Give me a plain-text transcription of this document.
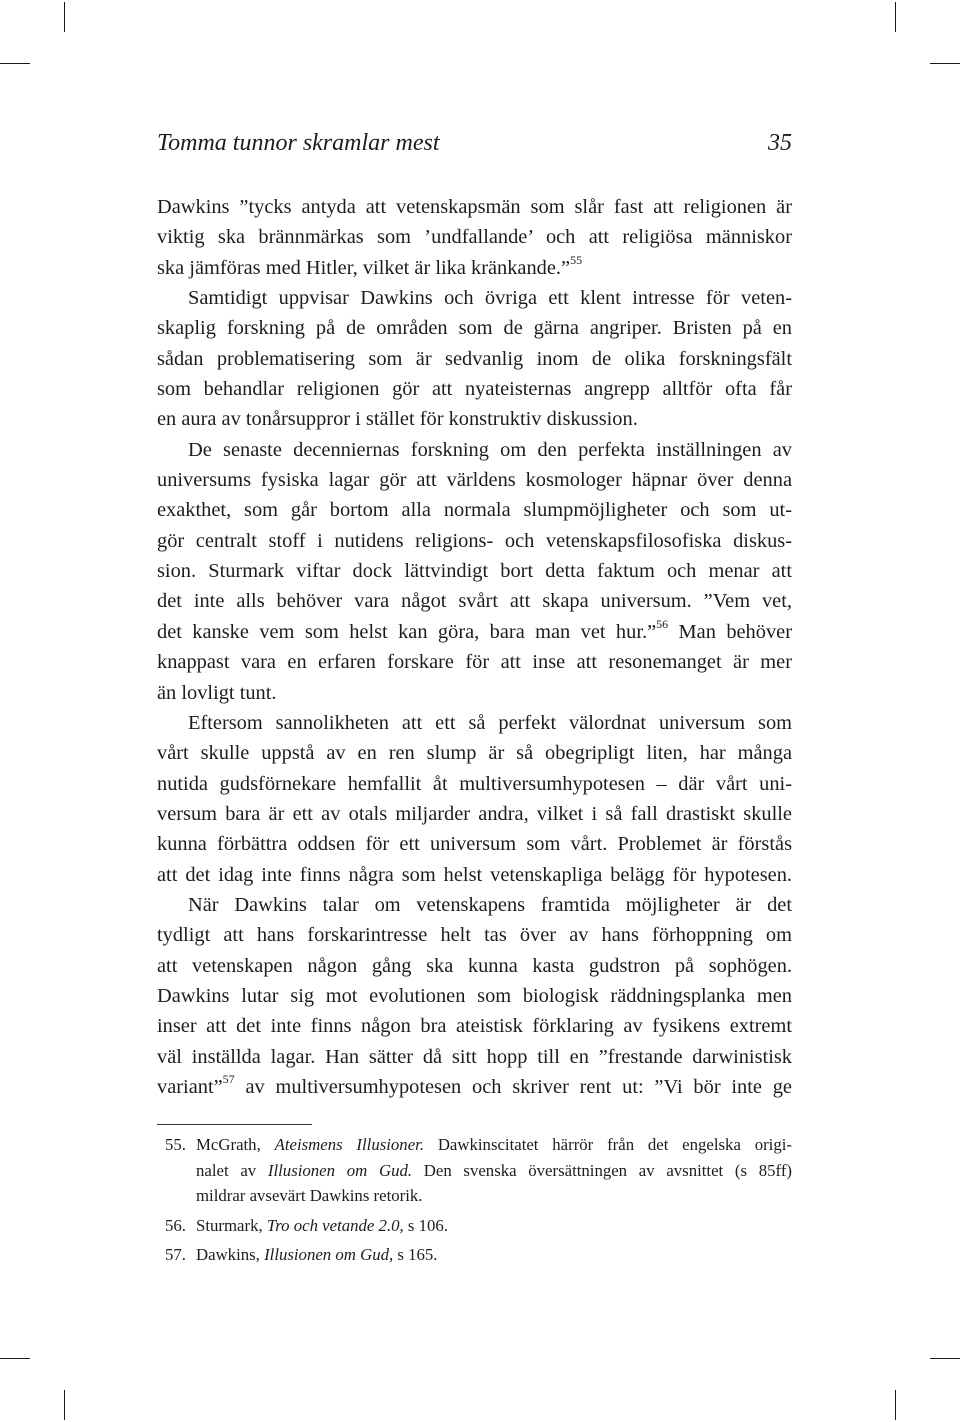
Tomma tunnor skramlar mest	35
Dawkins ”tycks antyda att vetenskapsmän som slår fast att religionen är
viktig ska brännmärkas som ’undfallande’ och att religiösa människor
ska jämföras med Hitler, vilket är lika kränkande.”$^{55}$
Samtidigt uppvisar Dawkins och övriga ett klent intresse för veten-
skaplig forskning på de områden som de gärna angriper. Bristen på en
sådan problematisering som är sedvanlig inom de olika forskningsfält
som behandlar religionen gör att nyateisternas angrepp alltför ofta får
en aura av tonårsuppror i stället för konstruktiv diskussion.
De senaste decenniernas forskning om den perfekta inställningen av
universums fysiska lagar gör att världens kosmologer häpnar över denna
exakthet, som går bortom alla normala slumpmöjligheter och som ut-
gör centralt stoff i nutidens religions- och vetenskapsfilosofiska diskus-
sion. Sturmark viftar dock lättvindigt bort detta faktum och menar att
det inte alls behöver vara något svårt att skapa universum. ”Vem vet,
det kanske vem som helst kan göra, bara man vet hur.”$^{56}$ Man behöver
knappast vara en erfaren forskare för att inse att resonemanget är mer
än lovligt tunt.
Eftersom sannolikheten att ett så perfekt välordnat universum som
vårt skulle uppstå av en ren slump är så obegripligt liten, har många
nutida gudsförnekare hemfallit åt multiversumhypotesen – där vårt uni-
versum bara är ett av otals miljarder andra, vilket i så fall drastiskt skulle
kunna förbättra oddsen för ett universum som vårt. Problemet är förstås
att det idag inte finns några som helst vetenskapliga belägg för hypotesen.
När Dawkins talar om vetenskapens framtida möjligheter är det
tydligt att hans forskarintresse helt tas över av hans förhoppning om
att vetenskapen någon gång ska kunna kasta gudstron på sophögen.
Dawkins lutar sig mot evolutionen som biologisk räddningsplanka men
inser att det inte finns någon bra ateistisk förklaring av fysikens extremt
väl inställda lagar. Han sätter då sitt hopp till en ”frestande darwinistisk
variant”$^{57}$ av multiversumhypotesen och skriver rent ut: ”Vi bör inte ge
55. McGrath, Ateismens Illusioner. Dawkinscitatet härrör från det engelska origi-
nalet av Illusionen om Gud. Den svenska översättningen av avsnittet (s 85ff)
mildrar avsevärt Dawkins retorik.
56. Sturmark, Tro och vetande 2.0, s 106.
57. Dawkins, Illusionen om Gud, s 165.
